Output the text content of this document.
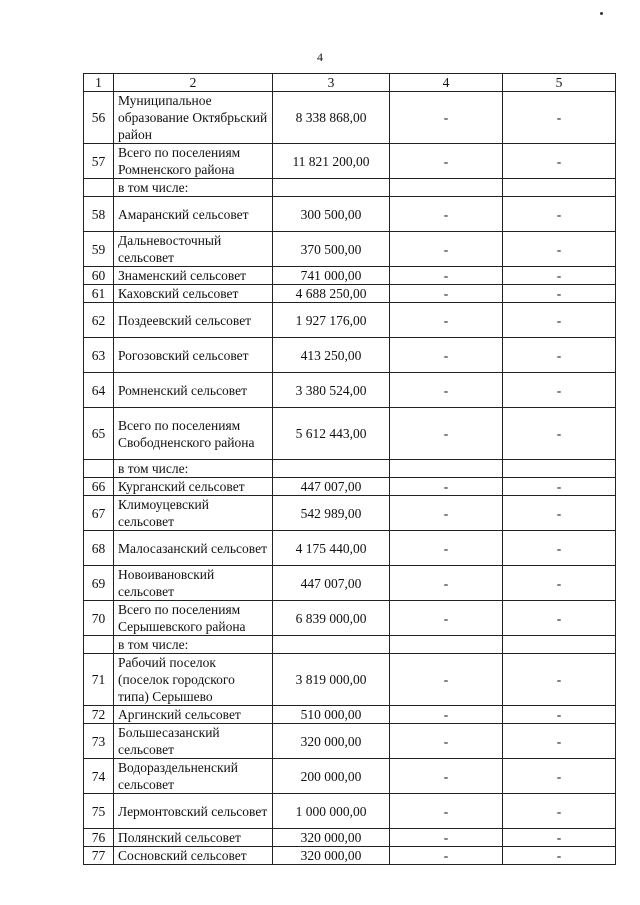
4
1	2	3	4	5
56	Муниципальное образование Октябрьский район	8 338 868,00	-	-
57	Всего по поселениям Ромненского района	11 821 200,00	-	-
	в том числе:			
58	Амаранский сельсовет	300 500,00	-	-
59	Дальневосточный сельсовет	370 500,00	-	-
60	Знаменский сельсовет	741 000,00	-	-
61	Каховский сельсовет	4 688 250,00	-	-
62	Поздеевский сельсовет	1 927 176,00	-	-
63	Рогозовский сельсовет	413 250,00	-	-
64	Ромненский сельсовет	3 380 524,00	-	-
65	Всего по поселениям Свободненского района	5 612 443,00	-	-
	в том числе:			
66	Курганский сельсовет	447 007,00	-	-
67	Климоуцевский сельсовет	542 989,00	-	-
68	Малосазанский сельсовет	4 175 440,00	-	-
69	Новоивановский сельсовет	447 007,00	-	-
70	Всего по поселениям Серышевского района	6 839 000,00	-	-
	в том числе:			
71	Рабочий поселок (поселок городского типа) Серышево	3 819 000,00	-	-
72	Аргинский сельсовет	510 000,00	-	-
73	Большесазанский сельсовет	320 000,00	-	-
74	Водораздельненский сельсовет	200 000,00	-	-
75	Лермонтовский сельсовет	1 000 000,00	-	-
76	Полянский сельсовет	320 000,00	-	-
77	Сосновский сельсовет	320 000,00	-	-
